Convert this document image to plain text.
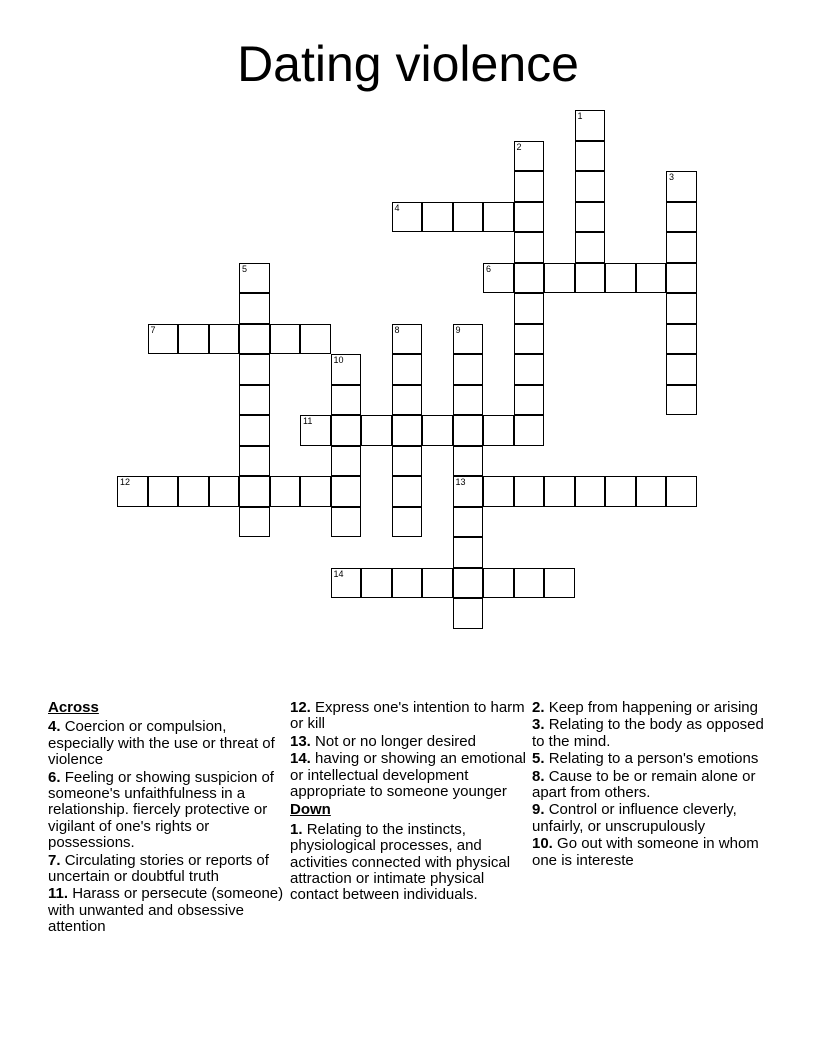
Dating violence
1
2
3
4
5	6
7	8	9
13
10
11
12
14
Across
4. Coercion or compulsion, especially with the use or threat of violence
6. Feeling or showing suspicion of someone's unfaithfulness in a relationship. fiercely protective or vigilant of one's rights or possessions.
7. Circulating stories or reports of uncertain or doubtful truth
11. Harass or persecute (someone) with unwanted and obsessive attention
12. Express one's intention to harm or kill
13. Not or no longer desired
14. having or showing an emotional or intellectual development appropriate to someone younger
Down
1. Relating to the instincts, physiological processes, and activities connected with physical attraction or intimate physical contact between individuals.
2. Keep from happening or arising
3. Relating to the body as opposed to the mind.
5. Relating to a person's emotions
8. Cause to be or remain alone or apart from others.
9. Control or influence cleverly, unfairly, or unscrupulously
10. Go out with someone in whom one is intereste
